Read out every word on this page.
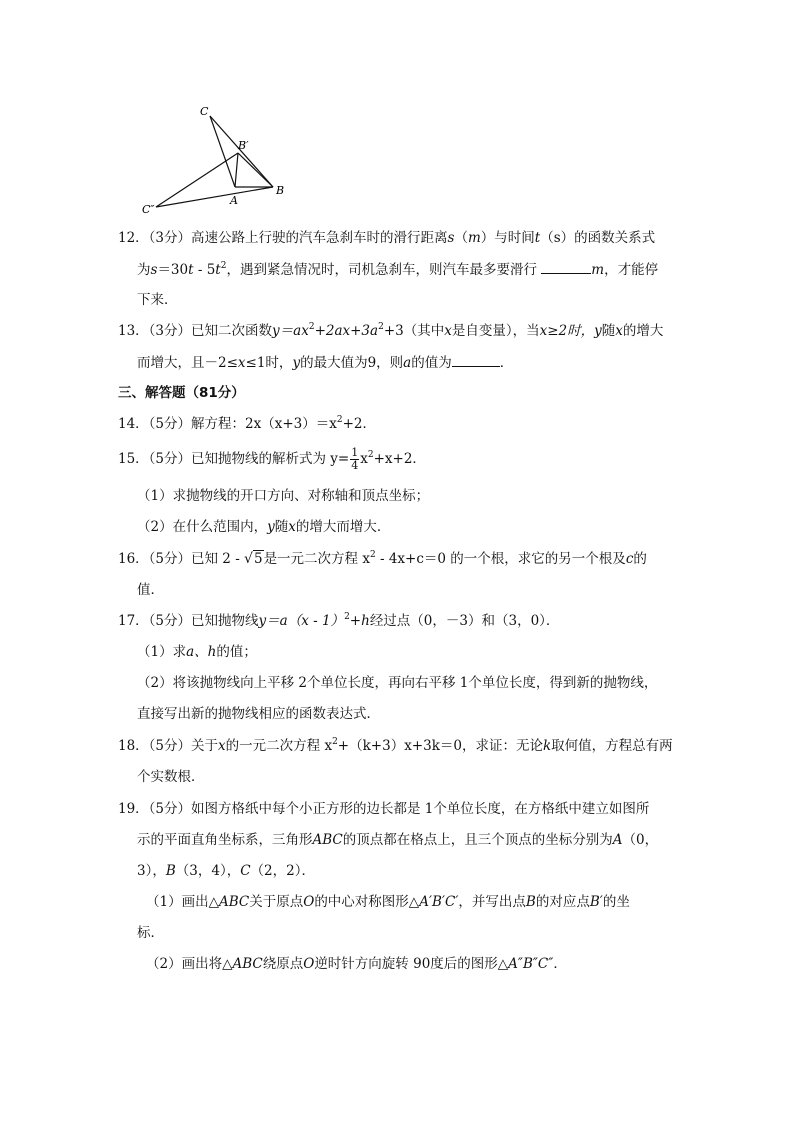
C
B′
B
A
C″
12．（3分）高速公路上行驶的汽车急刹车时的滑行距离s（m）与时间t（s）的函数关系式
为$s=30t - 5t^2$，遇到紧急情况时，司机急刹车，则汽车最多要滑行	m，才能停
下来．
13．（3分）已知二次函数$y=ax^2+2ax+3a^2+3$（其中x是自变量），当x≥2时，y随x的增大
而增大，且－2≤x≤1时，y的最大值为9，则a的值为	．
三、解答题（81分）
14．（5分）解方程：$2x(x+3)=x^2+2$．
15．（5分）已知抛物线的解析式为 $y= \frac{1}{4} x^2+x+2$．
（1）求抛物线的开口方向、对称轴和顶点坐标；
（2）在什么范围内，y随x的增大而增大．
16．（5分）已知 2 - √5是一元二次方程 $x^2 - 4x+c=0$ 的一个根，求它的另一个根及c的
值．
17．（5分）已知抛物线y＝a（x - 1）$^2$+h经过点（0，－3）和（3，0）．
（1）求a、h的值；
（2）将该抛物线向上平移 2个单位长度，再向右平移 1个单位长度，得到新的抛物线，
直接写出新的抛物线相应的函数表达式．
18．（5分）关于x的一元二次方程 $x^2+(k+3)x+3k=0$，求证：无论k取何值，方程总有两
个实数根．
19．（5分）如图方格纸中每个小正方形的边长都是 1个单位长度，在方格纸中建立如图所
示的平面直角坐标系，三角形ABC的顶点都在格点上，且三个顶点的坐标分别为A（0，
3），B（3，4），C（2，2）．
（1）画出△ABC关于原点O的中心对称图形△A′B′C′，并写出点B的对应点B′的坐
标．
（2）画出将△ABC绕原点O逆时针方向旋转 90度后的图形△A″B″C″．
